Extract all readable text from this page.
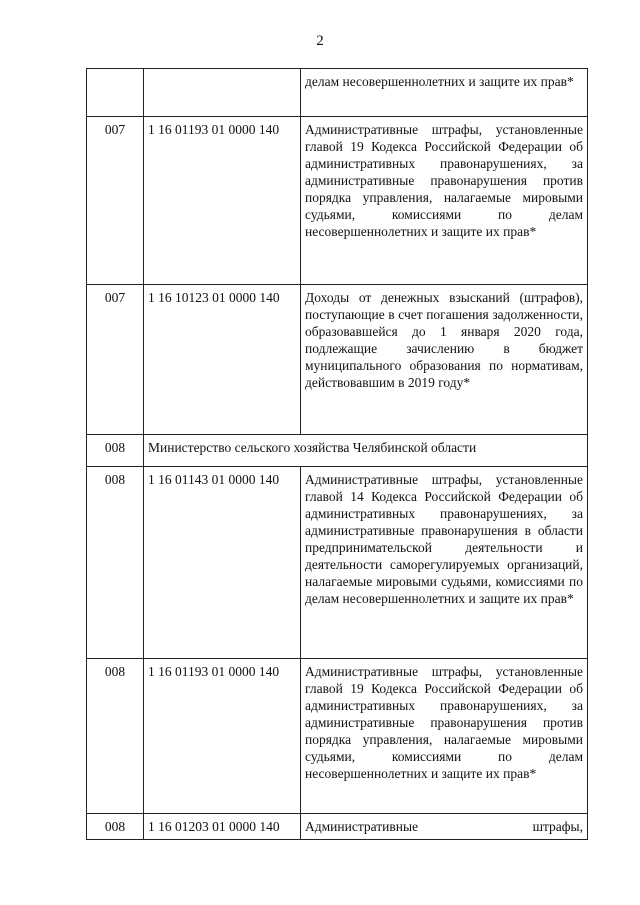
2

		делам несовершеннолетних и защите их прав*

007	1 16 01193 01 0000 140	Административные штрафы, установленные главой 19 Кодекса Российской Федерации об административных правонарушениях, за административные правонарушения против порядка управления, налагаемые мировыми судьями, комиссиями по делам несовершеннолетних и защите их прав*

007	1 16 10123 01 0000 140	Доходы от денежных взысканий (штрафов), поступающие в счет погашения задолженности, образовавшейся до 1 января 2020 года, подлежащие зачислению в бюджет муниципального образования по нормативам, действовавшим в 2019 году*

008	Министерство сельского хозяйства Челябинской области	
008	1 16 01143 01 0000 140	Административные штрафы, установленные главой 14 Кодекса Российской Федерации об административных правонарушениях, за административные правонарушения в области предпринимательской деятельности и деятельности саморегулируемых организаций, налагаемые мировыми судьями, комиссиями по делам несовершеннолетних и защите их прав*

008	1 16 01193 01 0000 140	Административные штрафы, установленные главой 19 Кодекса Российской Федерации об административных правонарушениях, за административные правонарушения против порядка управления, налагаемые мировыми судьями, комиссиями по делам несовершеннолетних и защите их прав*

008	1 16 01203 01 0000 140	Административные штрафы,
